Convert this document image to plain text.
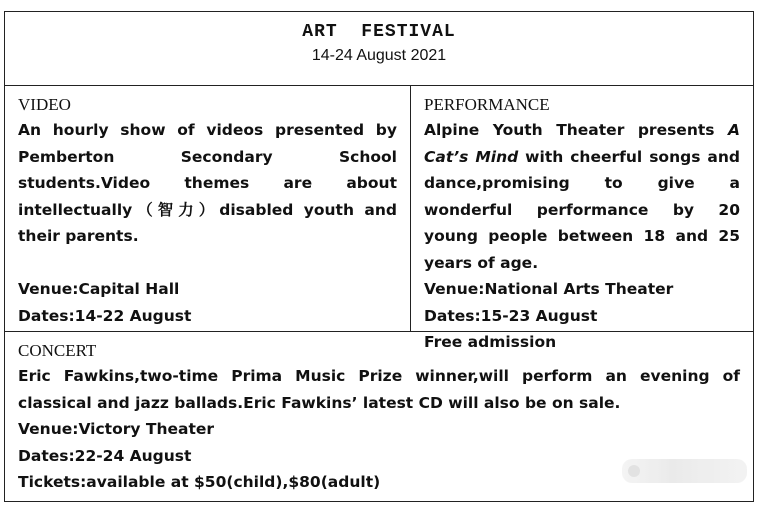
ART  FESTIVAL
14-24 August 2021
VIDEO

An hourly show of videos presented by Pemberton Secondary School students.Video themes are about intellectually（智力）disabled youth and their parents.

Venue:Capital Hall

Dates:14-22 August

PERFORMANCE

Alpine Youth Theater presents A Cat’s Mind with cheerful songs and dance,promising to give a wonderful performance by 20 young people between 18 and 25 years of age.

Venue:National Arts Theater

Dates:15-23 August

Free admission

CONCERT

Eric Fawkins,two-time Prima Music Prize winner,will perform an evening of classical and jazz ballads.Eric Fawkins’ latest CD will also be on sale.

Venue:Victory Theater

Dates:22-24 August

Tickets:available at $50(child),$80(adult)
